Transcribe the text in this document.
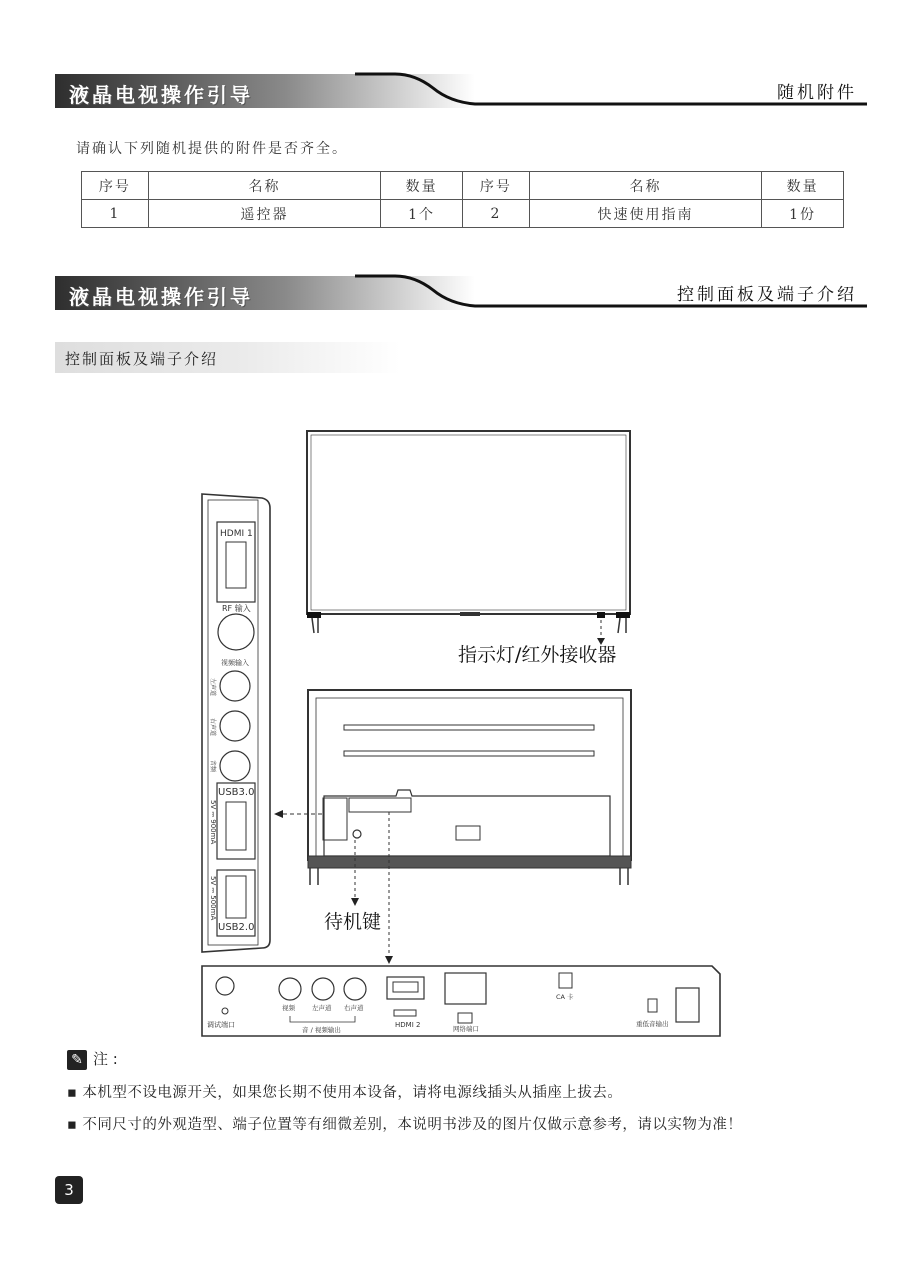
液晶电视操作引导	随机附件
请确认下列随机提供的附件是否齐全。
序号	名称	数量	序号	名称	数量
1	遥控器	1个	2	快速使用指南	1份
液晶电视操作引导	控制面板及端子介绍
控制面板及端子介绍
指示灯/红外接收器
HDMI 1
RF 输入
视频输入
左声道
右声道
音频
USB3.0
5V ⎓ 900mA
USB2.0
5V ⎓ 500mA
待机键
调试端口
视频	左声道 右声道
音 / 视频输出
HDMI 2	网络端口
CA 卡
重低音输出
✎ 注 :
▪ 本机型不设电源开关，如果您长期不使用本设备，请将电源线插头从插座上拔去。
▪ 不同尺寸的外观造型、端子位置等有细微差别，本说明书涉及的图片仅做示意参考，请以实物为准！
3
